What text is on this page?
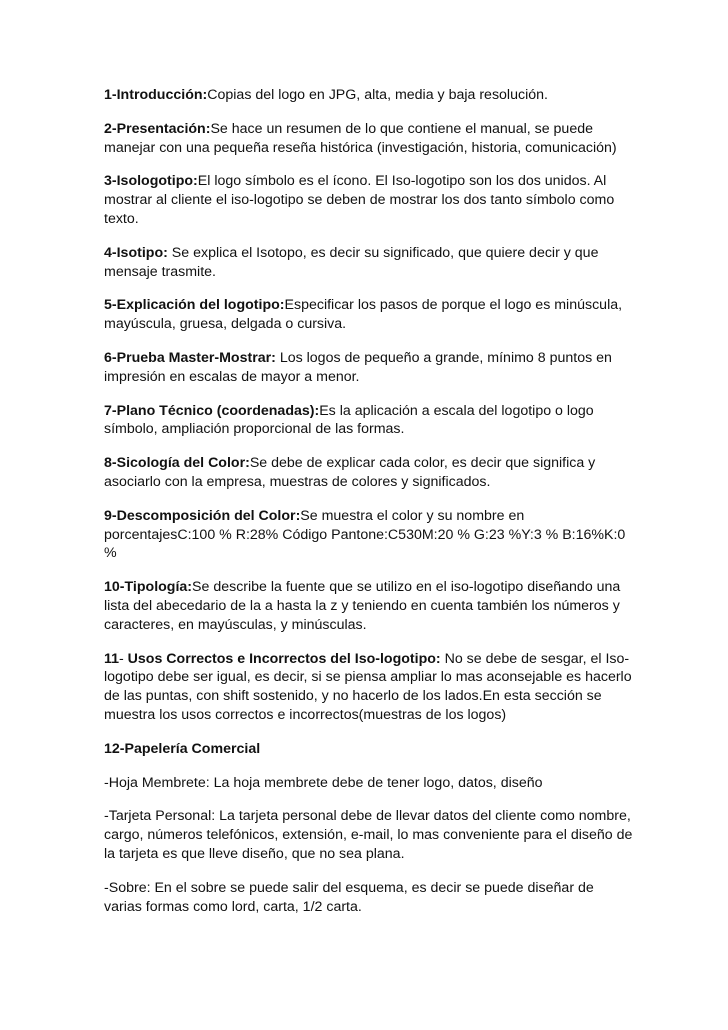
1-Introducción:Copias del logo en JPG, alta, media y baja resolución.

2-Presentación:Se hace un resumen de lo que contiene el manual, se puede manejar con una pequeña reseña histórica (investigación, historia, comunicación)

3-Isologotipo:El logo símbolo es el ícono. El Iso-logotipo son los dos unidos. Al mostrar al cliente el iso-logotipo se deben de mostrar los dos tanto símbolo como texto.

4-Isotipo: Se explica el Isotopo, es decir su significado, que quiere decir y que mensaje trasmite.

5-Explicación del logotipo:Especificar los pasos de porque el logo es minúscula, mayúscula, gruesa, delgada o cursiva.

6-Prueba Master-Mostrar: Los logos de pequeño a grande, mínimo 8 puntos en impresión en escalas de mayor a menor.

7-Plano Técnico (coordenadas):Es la aplicación a escala del logotipo o logo símbolo, ampliación proporcional de las formas.

8-Sicología del Color:Se debe de explicar cada color, es decir que significa y asociarlo con la empresa, muestras de colores y significados.

9-Descomposición del Color:Se muestra el color y su nombre en porcentajesC:100 % R:28% Código Pantone:C530M:20 % G:23 %Y:3 % B:16%K:0 %

10-Tipología:Se describe la fuente que se utilizo en el iso-logotipo diseñando una lista del abecedario de la a hasta la z y teniendo en cuenta también los números y caracteres, en mayúsculas, y minúsculas.

11- Usos Correctos e Incorrectos del Iso-logotipo: No se debe de sesgar, el Iso-logotipo debe ser igual, es decir, si se piensa ampliar lo mas aconsejable es hacerlo de las puntas, con shift sostenido, y no hacerlo de los lados.En esta sección se muestra los usos correctos e incorrectos(muestras de los logos)

12-Papelería Comercial

-Hoja Membrete: La hoja membrete debe de tener logo, datos, diseño

-Tarjeta Personal: La tarjeta personal debe de llevar datos del cliente como nombre, cargo, números telefónicos, extensión, e-mail, lo mas conveniente para el diseño de la tarjeta es que lleve diseño, que no sea plana.

-Sobre: En el sobre se puede salir del esquema, es decir se puede diseñar de varias formas como lord, carta, 1/2 carta.
